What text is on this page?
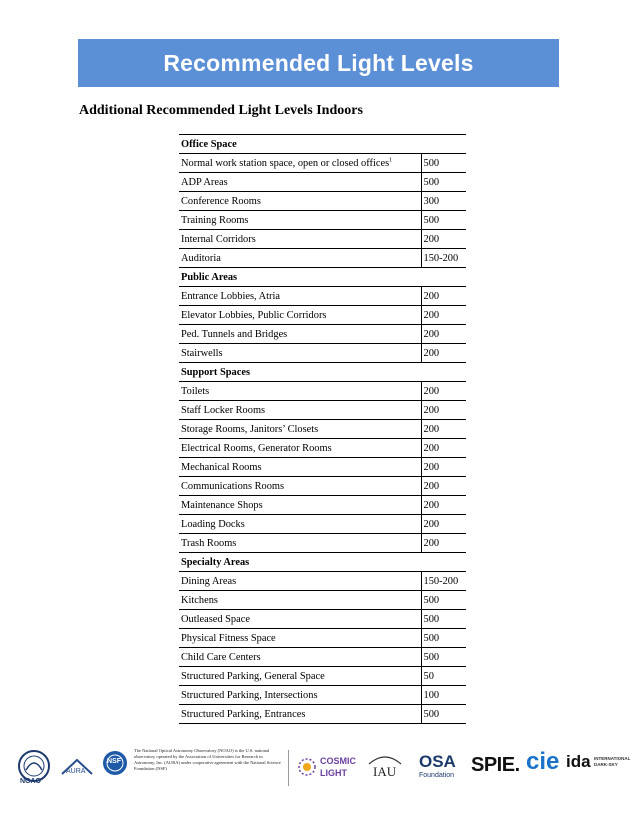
Recommended Light Levels
Additional Recommended Light Levels Indoors
Office Space	
Normal work station space, open or closed offices$^1$	500
ADP Areas	500
Conference Rooms	300
Training Rooms	500
Internal Corridors	200
Auditoria	150-200
Public Areas	
Entrance Lobbies, Atria	200
Elevator Lobbies, Public Corridors	200
Ped. Tunnels and Bridges	200
Stairwells	200
Support Spaces	
Toilets	200
Staff Locker Rooms	200
Storage Rooms, Janitors’ Closets	200
Electrical Rooms, Generator Rooms	200
Mechanical Rooms	200
Communications Rooms	200
Maintenance Shops	200
Loading Docks	200
Trash Rooms	200
Specialty Areas	
Dining Areas	150-200
Kitchens	500
Outleased Space	500
Physical Fitness Space	500
Child Care Centers	500
Structured Parking, General Space	50
Structured Parking, Intersections	100
Structured Parking, Entrances	500
NOAO
AURA
NSF
The National Optical Astronomy Observatory (NOAO) is the U.S. national observatory operated by the Association of Universities for Research in Astronomy, Inc. (AURA) under cooperative agreement with the National Science Foundation (NSF)
COSMIC
LIGHT IAU
OSA
Foundation SPIE. cie ida INTERNATIONAL DARK-SKY
